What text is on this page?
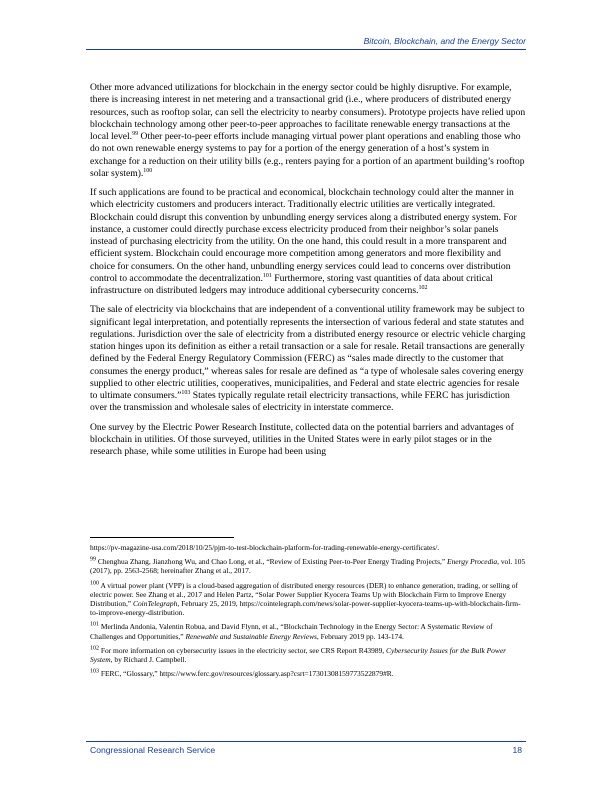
Bitcoin, Blockchain, and the Energy Sector

Other more advanced utilizations for blockchain in the energy sector could be highly disruptive. For example, there is increasing interest in net metering and a transactional grid (i.e., where producers of distributed energy resources, such as rooftop solar, can sell the electricity to nearby consumers). Prototype projects have relied upon blockchain technology among other peer-to-peer approaches to facilitate renewable energy transactions at the local level.$^{99}$ Other peer-to-peer efforts include managing virtual power plant operations and enabling those who do not own renewable energy systems to pay for a portion of the energy generation of a host’s system in exchange for a reduction on their utility bills (e.g., renters paying for a portion of an apartment building’s rooftop solar system).$^{100}$

If such applications are found to be practical and economical, blockchain technology could alter the manner in which electricity customers and producers interact. Traditionally electric utilities are vertically integrated. Blockchain could disrupt this convention by unbundling energy services along a distributed energy system. For instance, a customer could directly purchase excess electricity produced from their neighbor’s solar panels instead of purchasing electricity from the utility. On the one hand, this could result in a more transparent and efficient system. Blockchain could encourage more competition among generators and more flexibility and choice for consumers. On the other hand, unbundling energy services could lead to concerns over distribution control to accommodate the decentralization.$^{101}$ Furthermore, storing vast quantities of data about critical infrastructure on distributed ledgers may introduce additional cybersecurity concerns.$^{102}$

The sale of electricity via blockchains that are independent of a conventional utility framework may be subject to significant legal interpretation, and potentially represents the intersection of various federal and state statutes and regulations. Jurisdiction over the sale of electricity from a distributed energy resource or electric vehicle charging station hinges upon its definition as either a retail transaction or a sale for resale. Retail transactions are generally defined by the Federal Energy Regulatory Commission (FERC) as “sales made directly to the customer that consumes the energy product,” whereas sales for resale are defined as “a type of wholesale sales covering energy supplied to other electric utilities, cooperatives, municipalities, and Federal and state electric agencies for resale to ultimate consumers.”$^{103}$ States typically regulate retail electricity transactions, while FERC has jurisdiction over the transmission and wholesale sales of electricity in interstate commerce.

One survey by the Electric Power Research Institute, collected data on the potential barriers and advantages of blockchain in utilities. Of those surveyed, utilities in the United States were in early pilot stages or in the research phase, while some utilities in Europe had been using

https://pv-magazine-usa.com/2018/10/25/pjm-to-test-blockchain-platform-for-trading-renewable-energy-certificates/.
$^{99}$ Chenghua Zhang, Jianzhong Wu, and Chao Long, et al., “Review of Existing Peer-to-Peer Energy Trading Projects,” Energy Procedia, vol. 105 (2017), pp. 2563-2568; hereinafter Zhang et al., 2017.
$^{100}$ A virtual power plant (VPP) is a cloud-based aggregation of distributed energy resources (DER) to enhance generation, trading, or selling of electric power. See Zhang et al., 2017 and Helen Partz, “Solar Power Supplier Kyocera Teams Up with Blockchain Firm to Improve Energy Distribution,” CoinTelegraph, February 25, 2019, https://cointelegraph.com/news/solar-power-supplier-kyocera-teams-up-with-blockchain-firm-to-improve-energy-distribution.
$^{101}$ Merlinda Andonia, Valentin Robua, and David Flynn, et al., “Blockchain Technology in the Energy Sector: A Systematic Review of Challenges and Opportunities,” Renewable and Sustainable Energy Reviews, February 2019 pp. 143-174.
$^{102}$ For more information on cybersecurity issues in the electricity sector, see CRS Report R43989, Cybersecurity Issues for the Bulk Power System, by Richard J. Campbell.
$^{103}$ FERC, “Glossary,” https://www.ferc.gov/resources/glossary.asp?csrt=17301308159773522879#R.
Congressional Research Service	18
